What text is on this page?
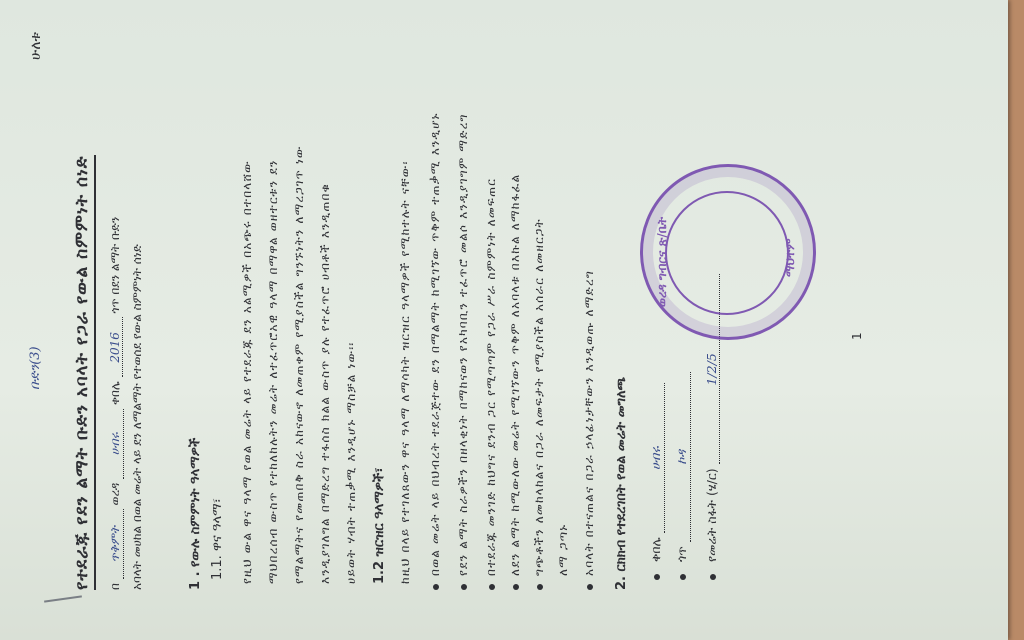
ሁለቱ
ቡድን(3) የተደራጁ የደን ልማት ቡድን አባላት የጋራ የውል ስምምነት ሰነድ	በ ጥቅምት ወረዳ ሀብሩ ቀበሌ 2016 ጎጥ በደን ልማት ቡድን አባላት መሀከል በወል መሬት ላይ ደን ለማልማት የተወሰደ የውል ስምምነት ሰነድ	1 . የውሉ ስምምነት ዓላማዎች 1.1. ዋና ዓላማ፣ የዚህ ውል ዋና ዓላማ የወል መሬት ላይ የተደራጁ ደን አልሚዎች በአጭሩ በተበላሸው ማህበረሰብ ውስጥ የተከለከሉትን መሬት ለተፈጥሮአዊ ዓላማ በማዋል ወዘተርቱን ደን የማልማትና የመጠበቅ ስራ አከናውኖ ለመጠቀም የሚያስችል ግንኙነትን ለማረጋገጥ ነው እንዲያገለግል በማድረግ ተፋሰስ ክልል ውስጥ ያሉ የተፈጥሮ ሀብቶች እንዲጠበቁ ሀይወት ሃብት ተጠቃሚ እንዲሆኑ ማስቻል ነው፡፡ 1.2 ዝርዝር ዓላማዎች፣ ከዚህ በላይ የተገለጸውን ዋና ዓላማ ለማሳካት ዝርዝር ዓላማዎች የሚከተሉት ናቸው፡ በወል መሬት ላይ በህብረት ተደራጅተው ደን በማልማት ከሚገኘው ጥቅም ተጠቃሚ እንዲሆኑ የደን ልማት ስራዎችን በዘላቂነት በማከናወን የአካባቢን ተፈጥሮ መልሶ እንዲያገግም ማድረግ በተደራጁ መንገድ ከህግና ደንብ ጋር የሚጣጣም የጋራ ሥራ ስምምነት ለመፍጠር ለደን ልማት ከሚውለው መሬት የሚገኘውን ጥቅም ለአባላቱ በእኩል ለማከፋፈል ግጭቶችን ለመከላከልና በጋራ ለመፍታት የሚያስችል አሰራር ለመዘርጋት ለማ ጋጣኑ አባላት በተናጠልና በጋራ ኃላፊነታቸውን እንዲወጡ ለማድረግ 2. ርክክብ የተደረገበት የወል መሬት መግለጫ ቀበሌ ሀብሩ
ጎጥ ኮዳ
የመሬት ስፋት (ሄ/ር) 1/2/5
ወረዳ ግብርና ጽ/ቤት	ማህተም
1
